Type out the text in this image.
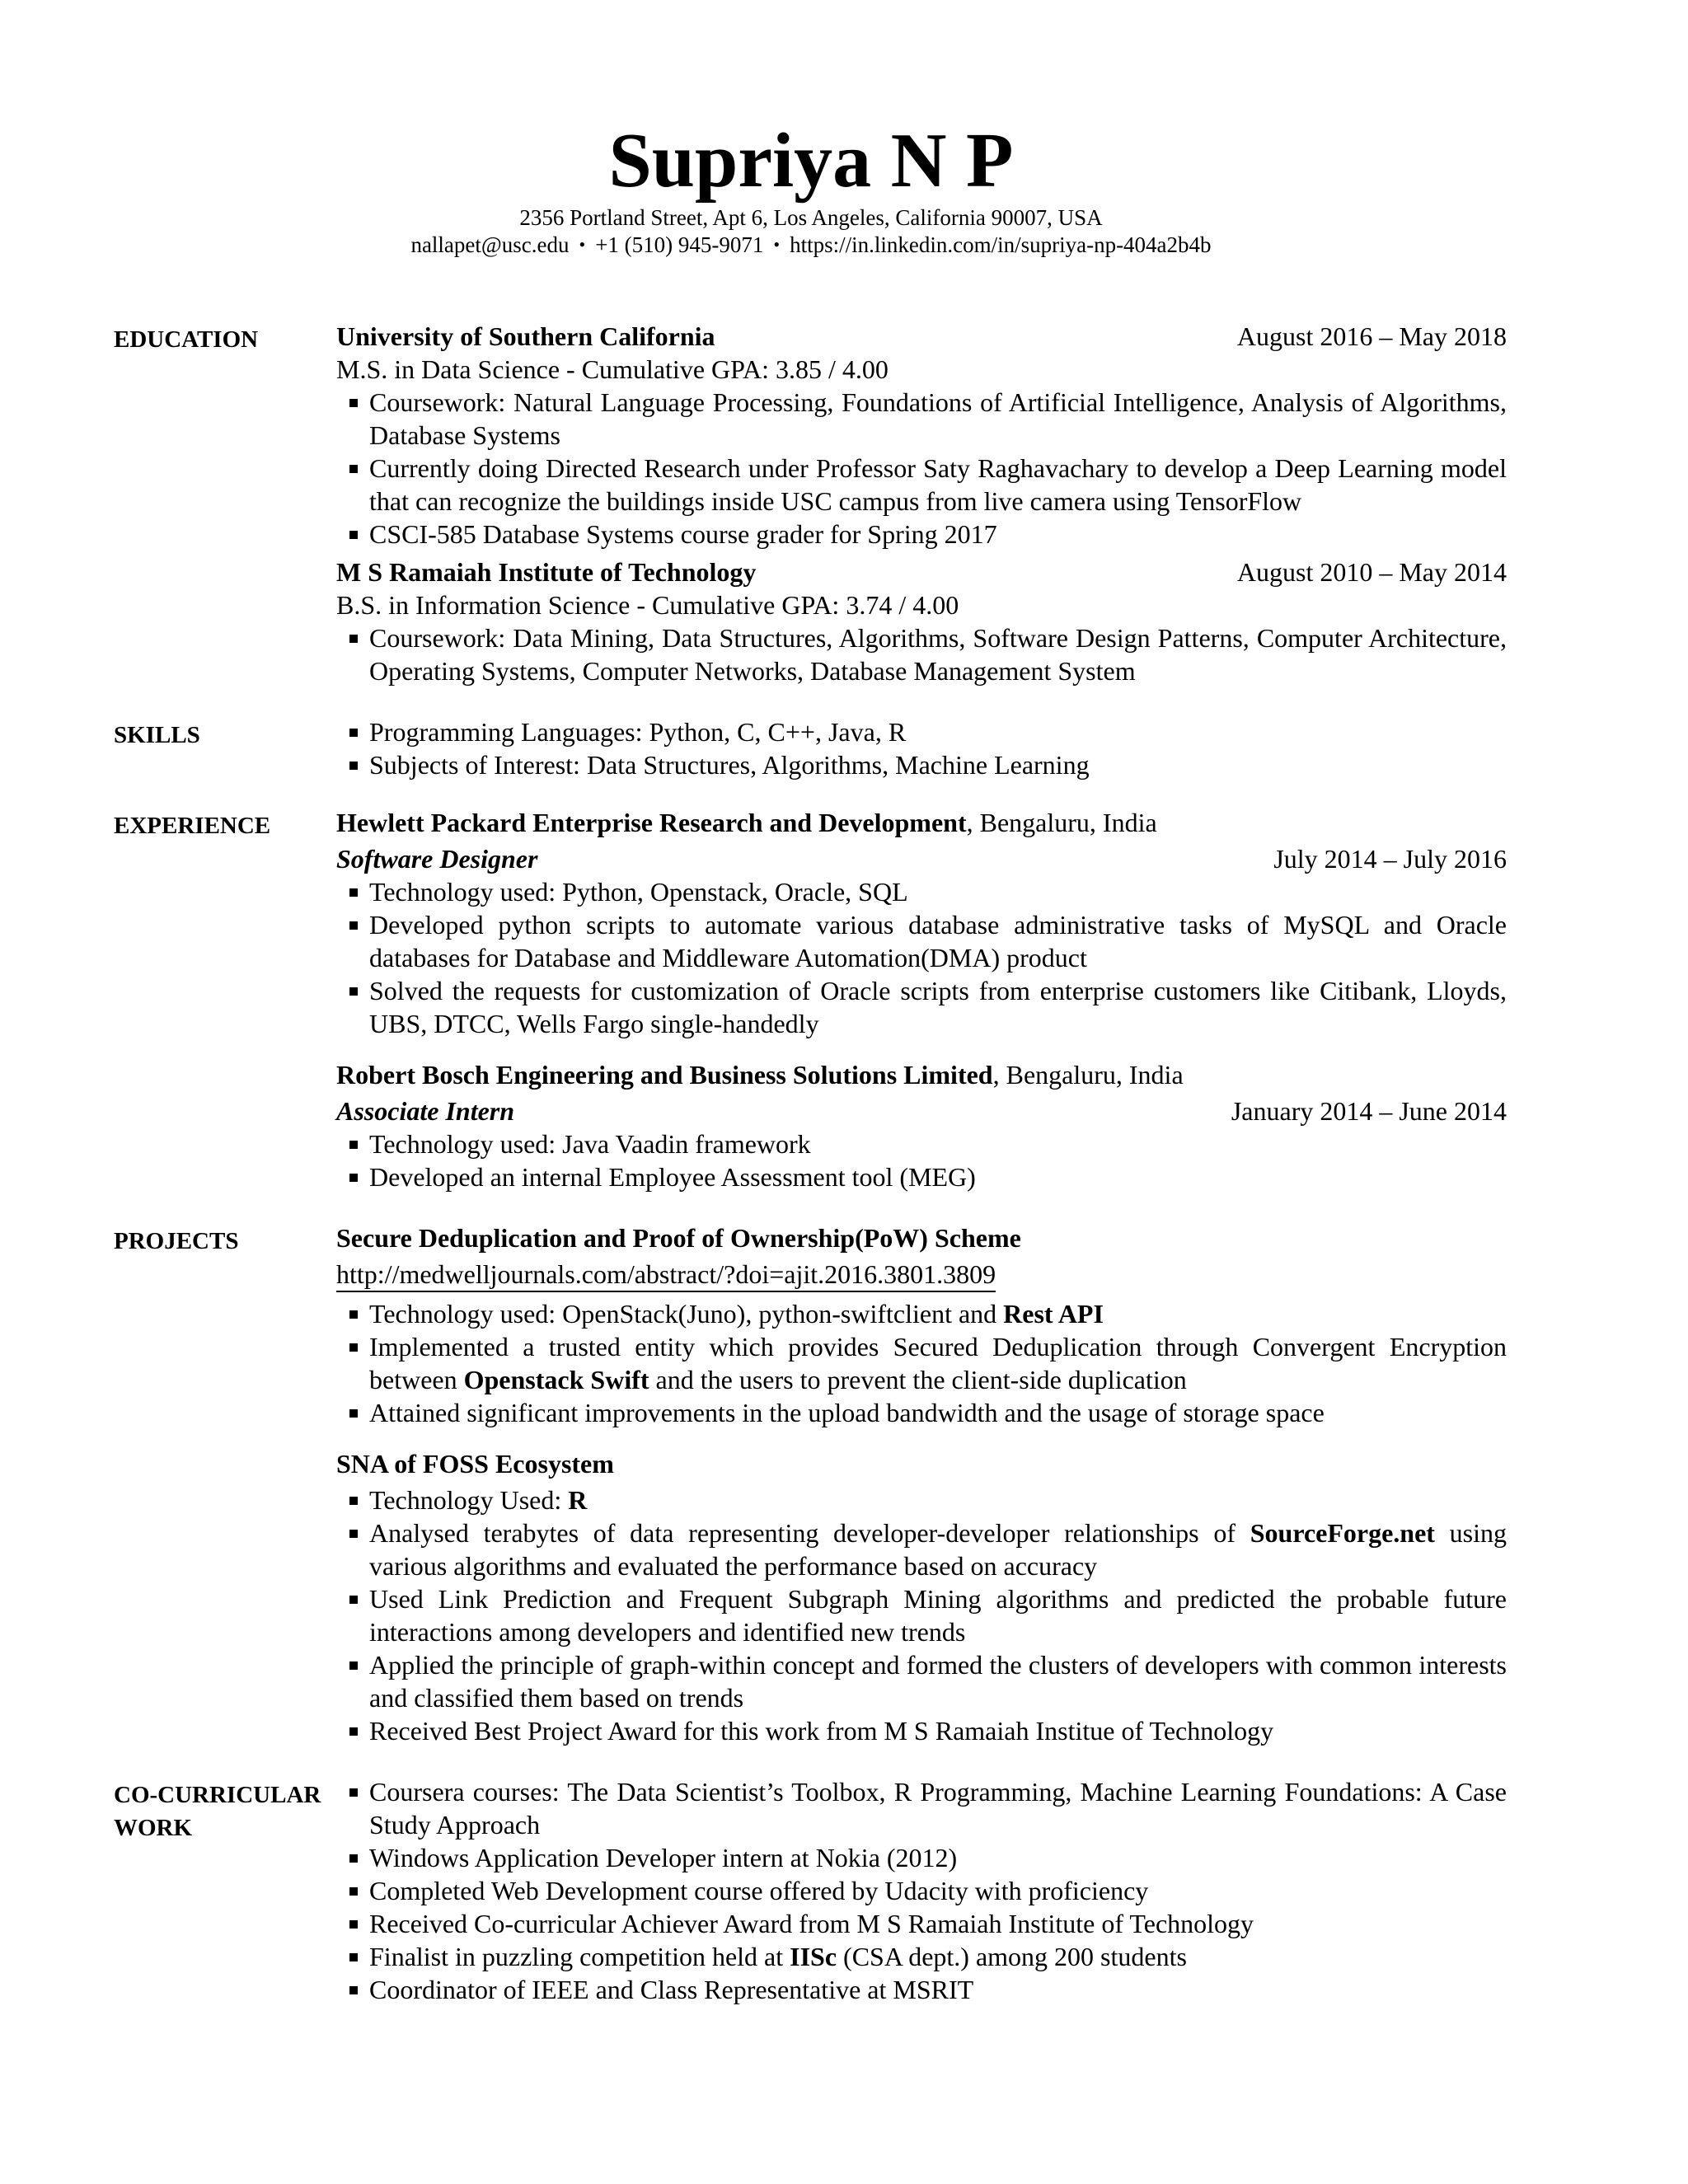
Supriya N P
2356 Portland Street, Apt 6, Los Angeles, California 90007, USA
nallapet@usc.edu • +1 (510) 945-9071 • https://in.linkedin.com/in/supriya-np-404a2b4b
EDUCATION	University of Southern California	August 2016 – May 2018
M.S. in Data Science - Cumulative GPA: 3.85 / 4.00
Coursework: Natural Language Processing, Foundations of Artificial Intelligence, Analysis of Algorithms, Database Systems
Currently doing Directed Research under Professor Saty Raghavachary to develop a Deep Learning model that can recognize the buildings inside USC campus from live camera using TensorFlow
CSCI-585 Database Systems course grader for Spring 2017
M S Ramaiah Institute of Technology	August 2010 – May 2014
B.S. in Information Science - Cumulative GPA: 3.74 / 4.00
Coursework: Data Mining, Data Structures, Algorithms, Software Design Patterns, Computer Architecture, Operating Systems, Computer Networks, Database Management System
SKILLS	Programming Languages: Python, C, C++, Java, R
Subjects of Interest: Data Structures, Algorithms, Machine Learning
EXPERIENCE	Hewlett Packard Enterprise Research and Development, Bengaluru, India
Software Designer	July 2014 – July 2016
Technology used: Python, Openstack, Oracle, SQL
Developed python scripts to automate various database administrative tasks of MySQL and Oracle databases for Database and Middleware Automation(DMA) product
Solved the requests for customization of Oracle scripts from enterprise customers like Citibank, Lloyds, UBS, DTCC, Wells Fargo single-handedly
Robert Bosch Engineering and Business Solutions Limited, Bengaluru, India
Associate Intern	January 2014 – June 2014
Technology used: Java Vaadin framework
Developed an internal Employee Assessment tool (MEG)
PROJECTS	Secure Deduplication and Proof of Ownership(PoW) Scheme
http://medwelljournals.com/abstract/?doi=ajit.2016.3801.3809
Technology used: OpenStack(Juno), python-swiftclient and Rest API
Implemented a trusted entity which provides Secured Deduplication through Convergent Encryption between Openstack Swift and the users to prevent the client-side duplication
Attained significant improvements in the upload bandwidth and the usage of storage space
SNA of FOSS Ecosystem
Technology Used: R
Analysed terabytes of data representing developer-developer relationships of SourceForge.net using various algorithms and evaluated the performance based on accuracy
Used Link Prediction and Frequent Subgraph Mining algorithms and predicted the probable future interactions among developers and identified new trends
Applied the principle of graph-within concept and formed the clusters of developers with common interests and classified them based on trends
Received Best Project Award for this work from M S Ramaiah Institue of Technology
CO-CURRICULAR
WORK
Coursera courses: The Data Scientist’s Toolbox, R Programming, Machine Learning Foundations: A Case Study Approach
Windows Application Developer intern at Nokia (2012)
Completed Web Development course offered by Udacity with proficiency
Received Co-curricular Achiever Award from M S Ramaiah Institute of Technology
Finalist in puzzling competition held at IISc (CSA dept.) among 200 students
Coordinator of IEEE and Class Representative at MSRIT
